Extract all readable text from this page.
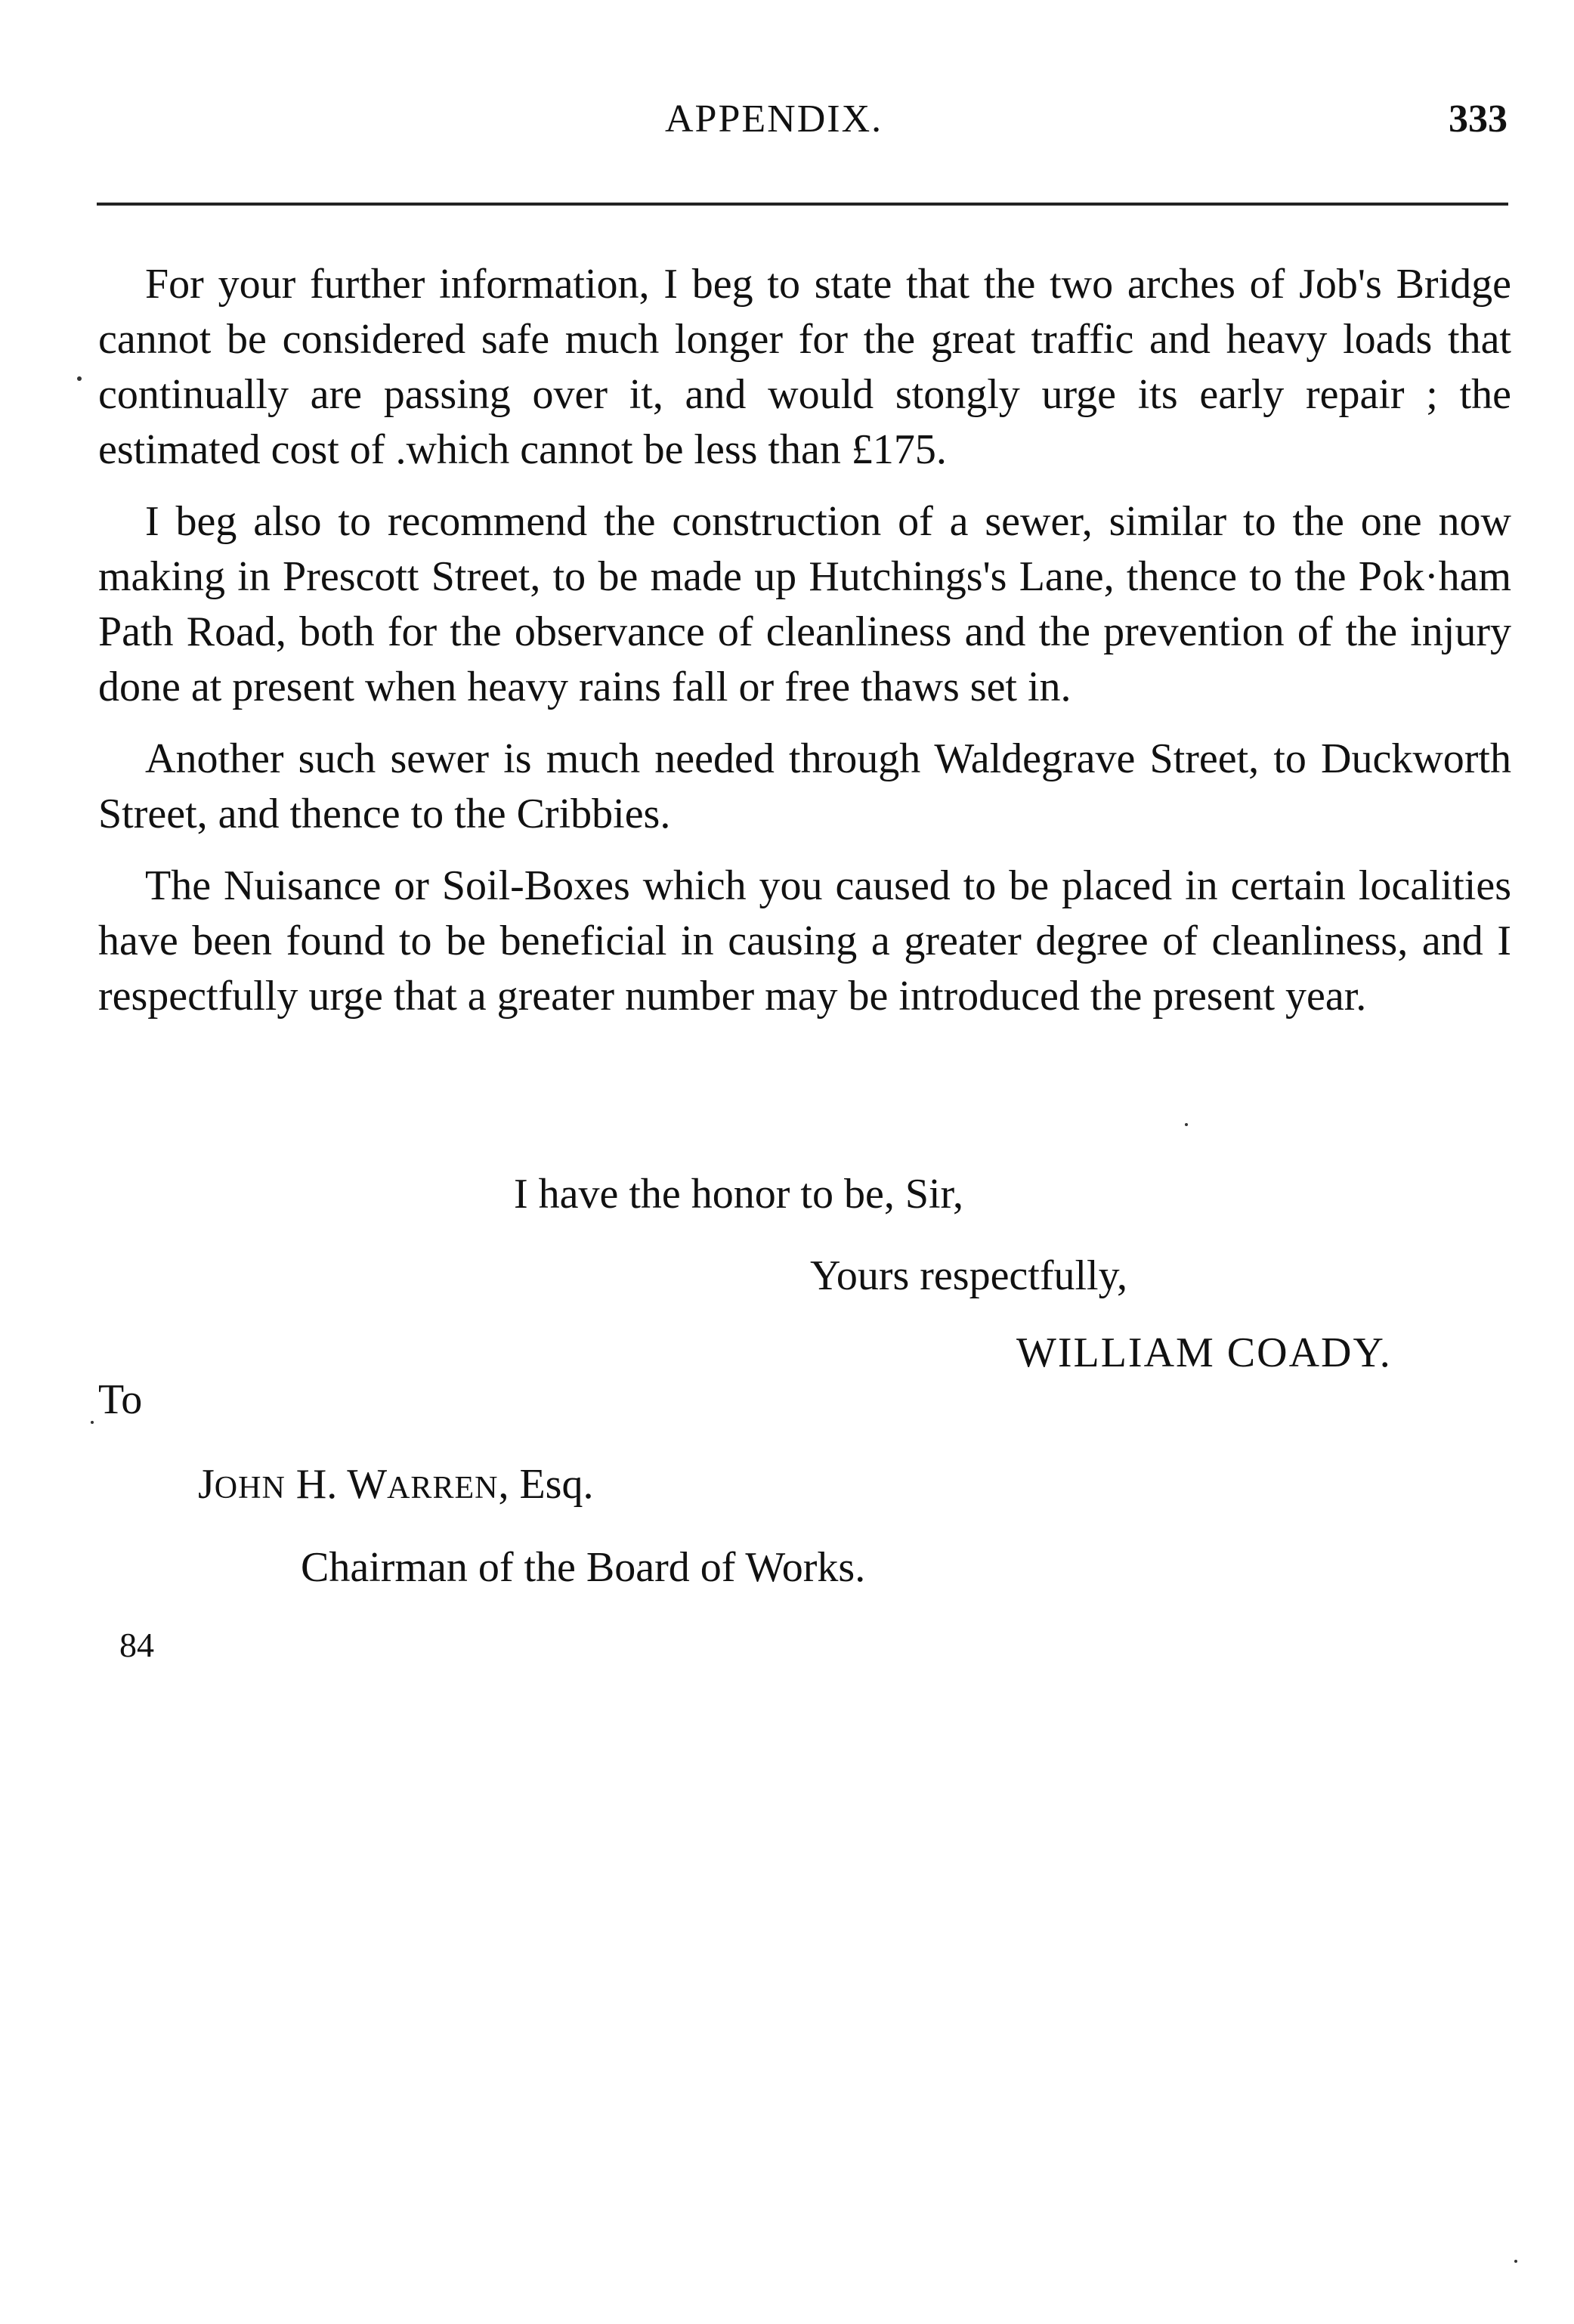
APPENDIX.	333

For your further information, I beg to state that the two arches of Job's Bridge cannot be considered safe much longer for the great traffic and heavy loads that continually are passing over it, and would stongly urge its early repair ; the estimated cost of .which cannot be less than £175.

I beg also to recommend the construction of a sewer, similar to the one now making in Prescott Street, to be made up Hutchings's Lane, thence to the Pok·ham Path Road, both for the observance of cleanliness and the prevention of the injury done at present when heavy rains fall or free thaws set in.

Another such sewer is much needed through Waldegrave Street, to Duckworth Street, and thence to the Cribbies.

The Nuisance or Soil-Boxes which you caused to be placed in certain localities have been found to be beneficial in causing a greater degree of cleanliness, and I respectfully urge that a greater number may be introduced the present year.

I have the honor to be, Sir,
Yours respectfully,
WILLIAM COADY.
To
JOHN H. WARREN, Esq.
Chairman of the Board of Works.
84
